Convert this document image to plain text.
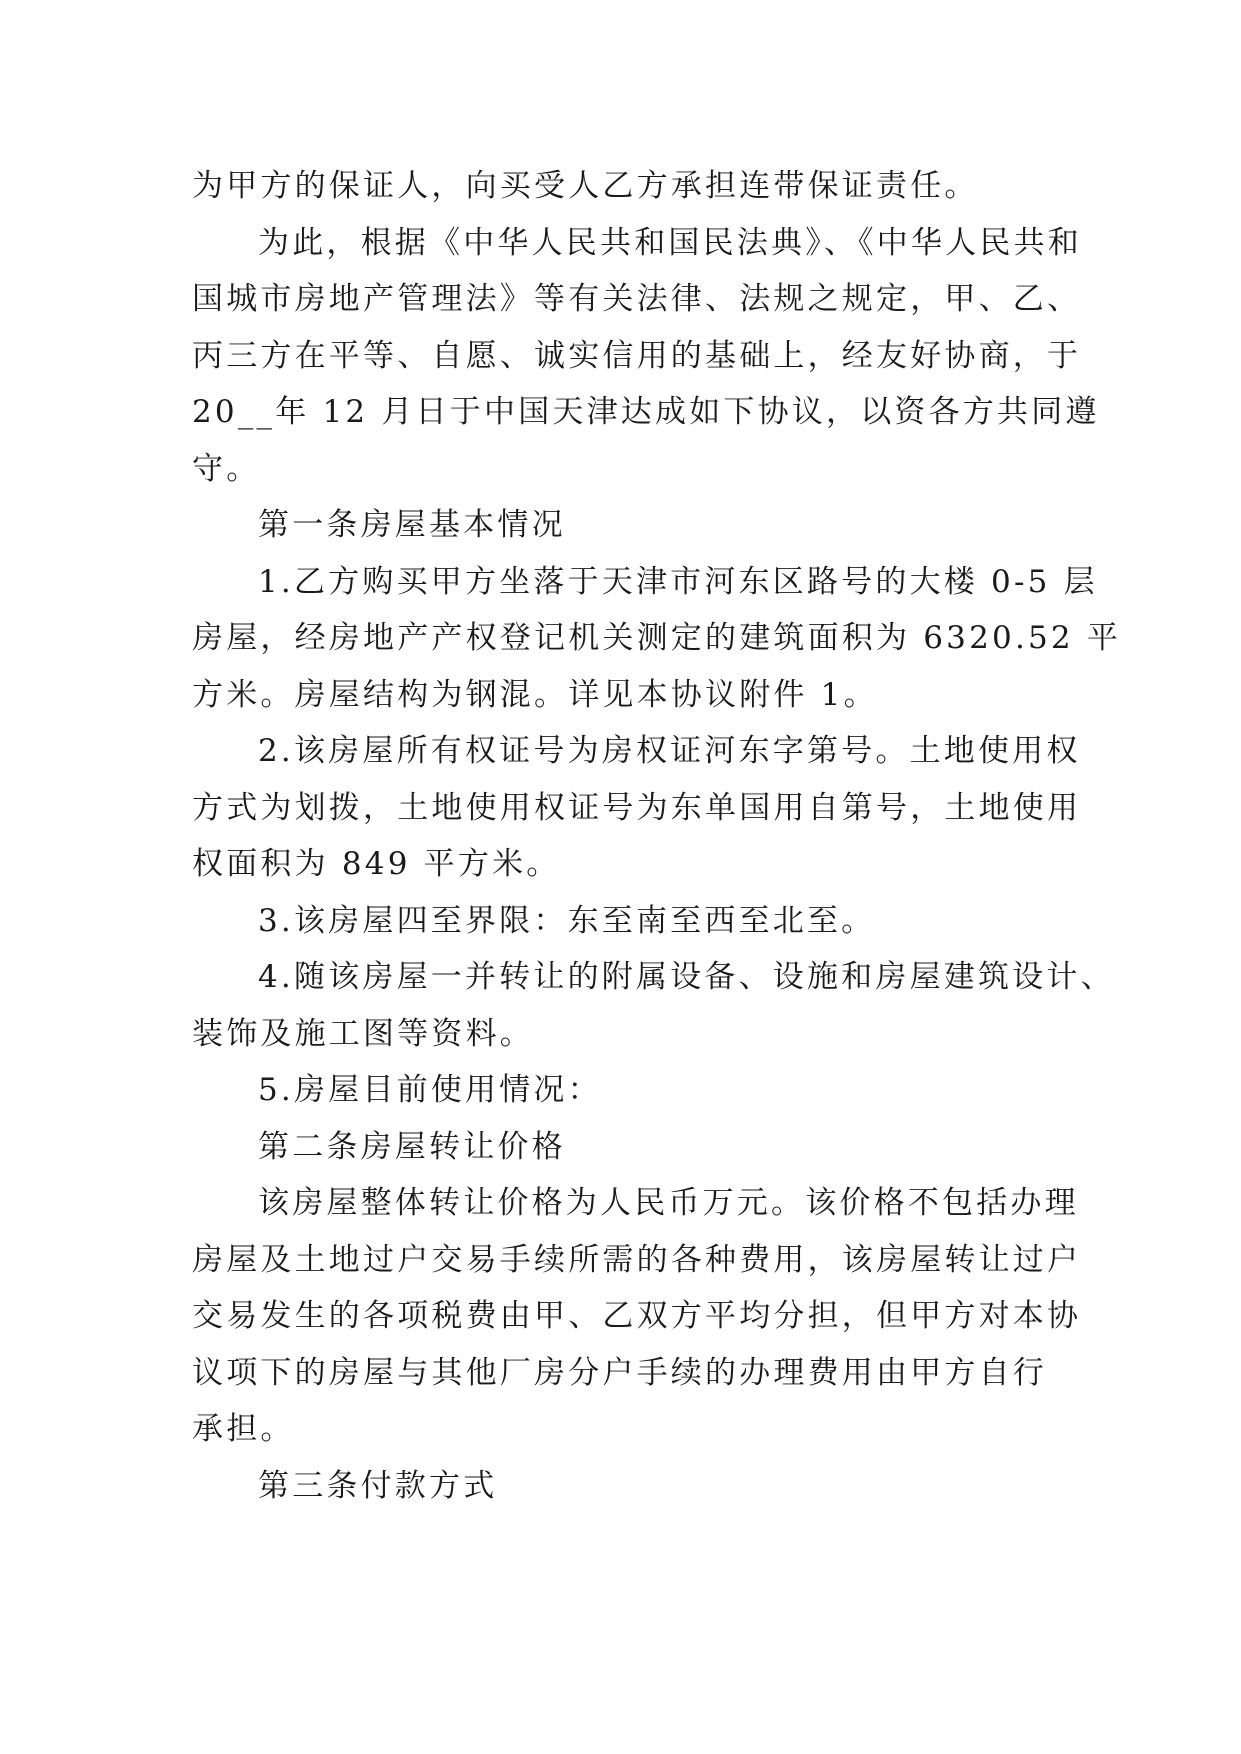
为甲方的保证人，向买受人乙方承担连带保证责任。
为此，根据《中华人民共和国民法典》、《中华人民共和
国城市房地产管理法》等有关法律、法规之规定，甲、乙、
丙三方在平等、自愿、诚实信用的基础上，经友好协商，于
20__年 12 月日于中国天津达成如下协议，以资各方共同遵
守。
第一条房屋基本情况
1.乙方购买甲方坐落于天津市河东区路号的大楼 0-5 层
房屋，经房地产产权登记机关测定的建筑面积为 6320.52 平
方米。房屋结构为钢混。详见本协议附件 1。
2.该房屋所有权证号为房权证河东字第号。土地使用权
方式为划拨，土地使用权证号为东单国用自第号，土地使用
权面积为 849 平方米。
3.该房屋四至界限：东至南至西至北至。
4.随该房屋一并转让的附属设备、设施和房屋建筑设计、
装饰及施工图等资料。
5.房屋目前使用情况：
第二条房屋转让价格
该房屋整体转让价格为人民币万元。该价格不包括办理
房屋及土地过户交易手续所需的各种费用，该房屋转让过户
交易发生的各项税费由甲、乙双方平均分担，但甲方对本协
议项下的房屋与其他厂房分户手续的办理费用由甲方自行
承担。
第三条付款方式
